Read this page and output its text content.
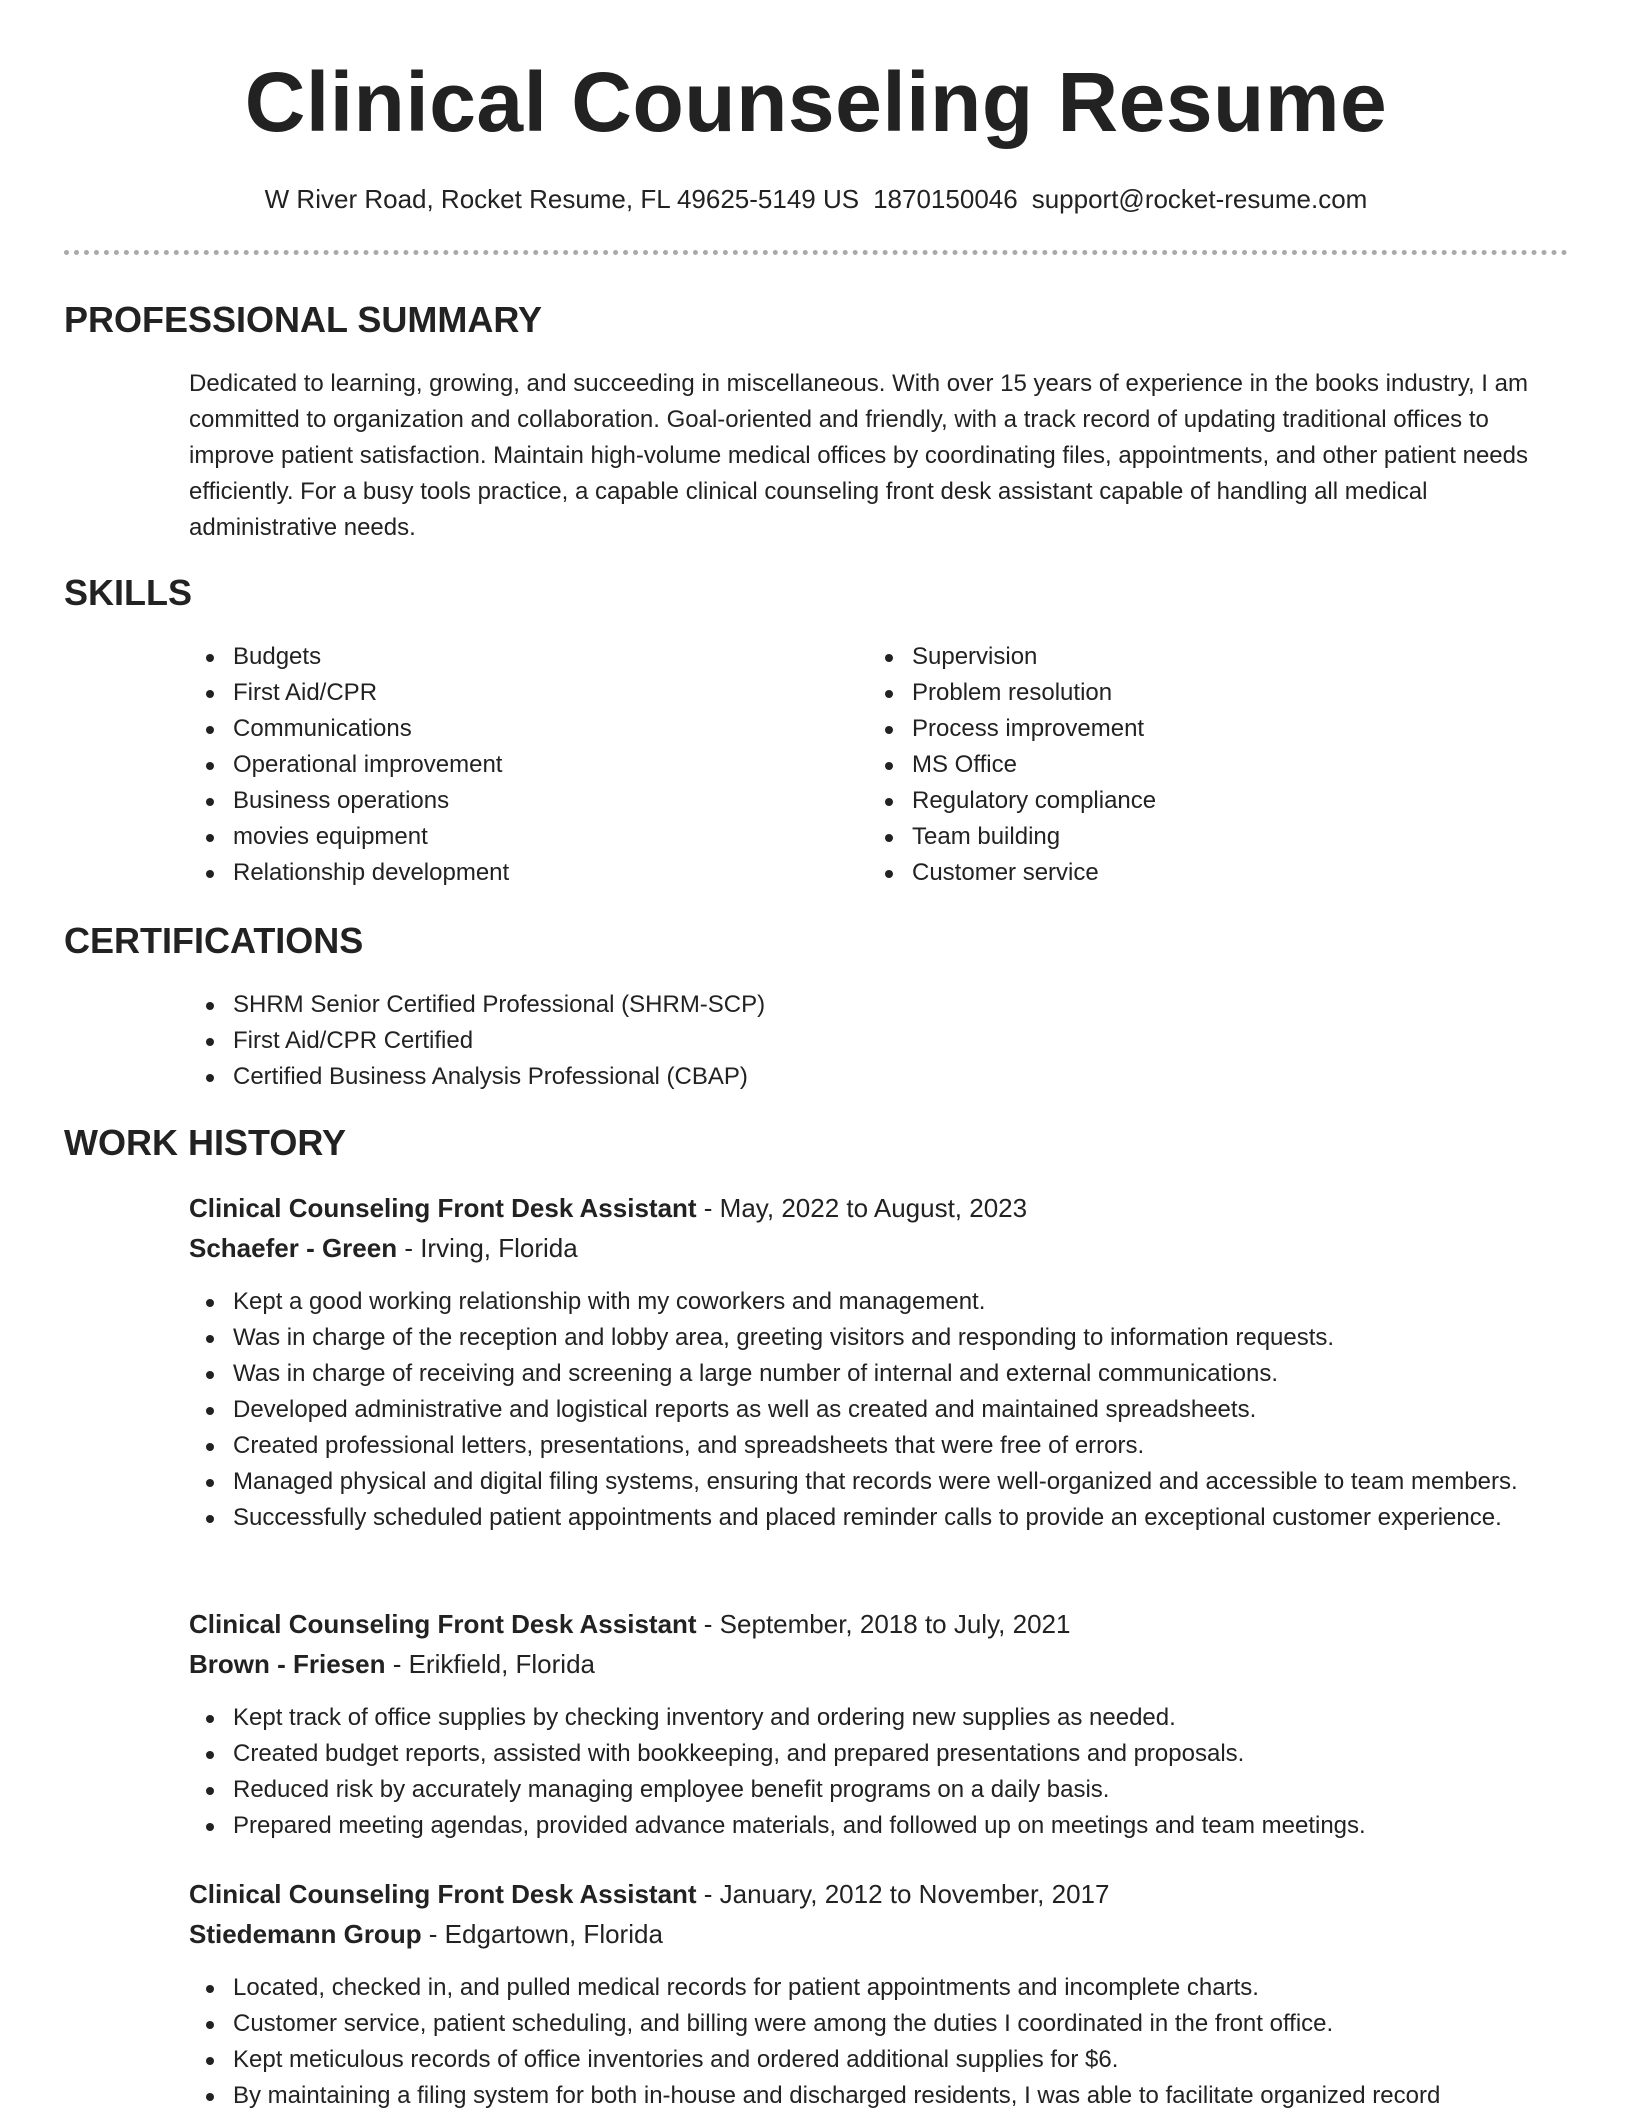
Clinical Counseling Resume
W River Road, Rocket Resume, FL 49625-5149 US 1870150046 support@rocket-resume.com
PROFESSIONAL SUMMARY
Dedicated to learning, growing, and succeeding in miscellaneous. With over 15 years of experience in the books industry, I am committed to organization and collaboration. Goal-oriented and friendly, with a track record of updating traditional offices to improve patient satisfaction. Maintain high-volume medical offices by coordinating files, appointments, and other patient needs efficiently. For a busy tools practice, a capable clinical counseling front desk assistant capable of handling all medical administrative needs.
SKILLS
Budgets
First Aid/CPR
Communications
Operational improvement
Business operations
movies equipment
Relationship development
Supervision
Problem resolution
Process improvement
MS Office
Regulatory compliance
Team building
Customer service
CERTIFICATIONS
SHRM Senior Certified Professional (SHRM-SCP)
First Aid/CPR Certified
Certified Business Analysis Professional (CBAP)
WORK HISTORY
Clinical Counseling Front Desk Assistant - May, 2022 to August, 2023
Schaefer - Green - Irving, Florida
Kept a good working relationship with my coworkers and management.
Was in charge of the reception and lobby area, greeting visitors and responding to information requests.
Was in charge of receiving and screening a large number of internal and external communications.
Developed administrative and logistical reports as well as created and maintained spreadsheets.
Created professional letters, presentations, and spreadsheets that were free of errors.
Managed physical and digital filing systems, ensuring that records were well-organized and accessible to team members.
Successfully scheduled patient appointments and placed reminder calls to provide an exceptional customer experience.
Clinical Counseling Front Desk Assistant - September, 2018 to July, 2021
Brown - Friesen - Erikfield, Florida
Kept track of office supplies by checking inventory and ordering new supplies as needed.
Created budget reports, assisted with bookkeeping, and prepared presentations and proposals.
Reduced risk by accurately managing employee benefit programs on a daily basis.
Prepared meeting agendas, provided advance materials, and followed up on meetings and team meetings.
Clinical Counseling Front Desk Assistant - January, 2012 to November, 2017
Stiedemann Group - Edgartown, Florida
Located, checked in, and pulled medical records for patient appointments and incomplete charts.
Customer service, patient scheduling, and billing were among the duties I coordinated in the front office.
Kept meticulous records of office inventories and ordered additional supplies for $6.
By maintaining a filing system for both in-house and discharged residents, I was able to facilitate organized record
